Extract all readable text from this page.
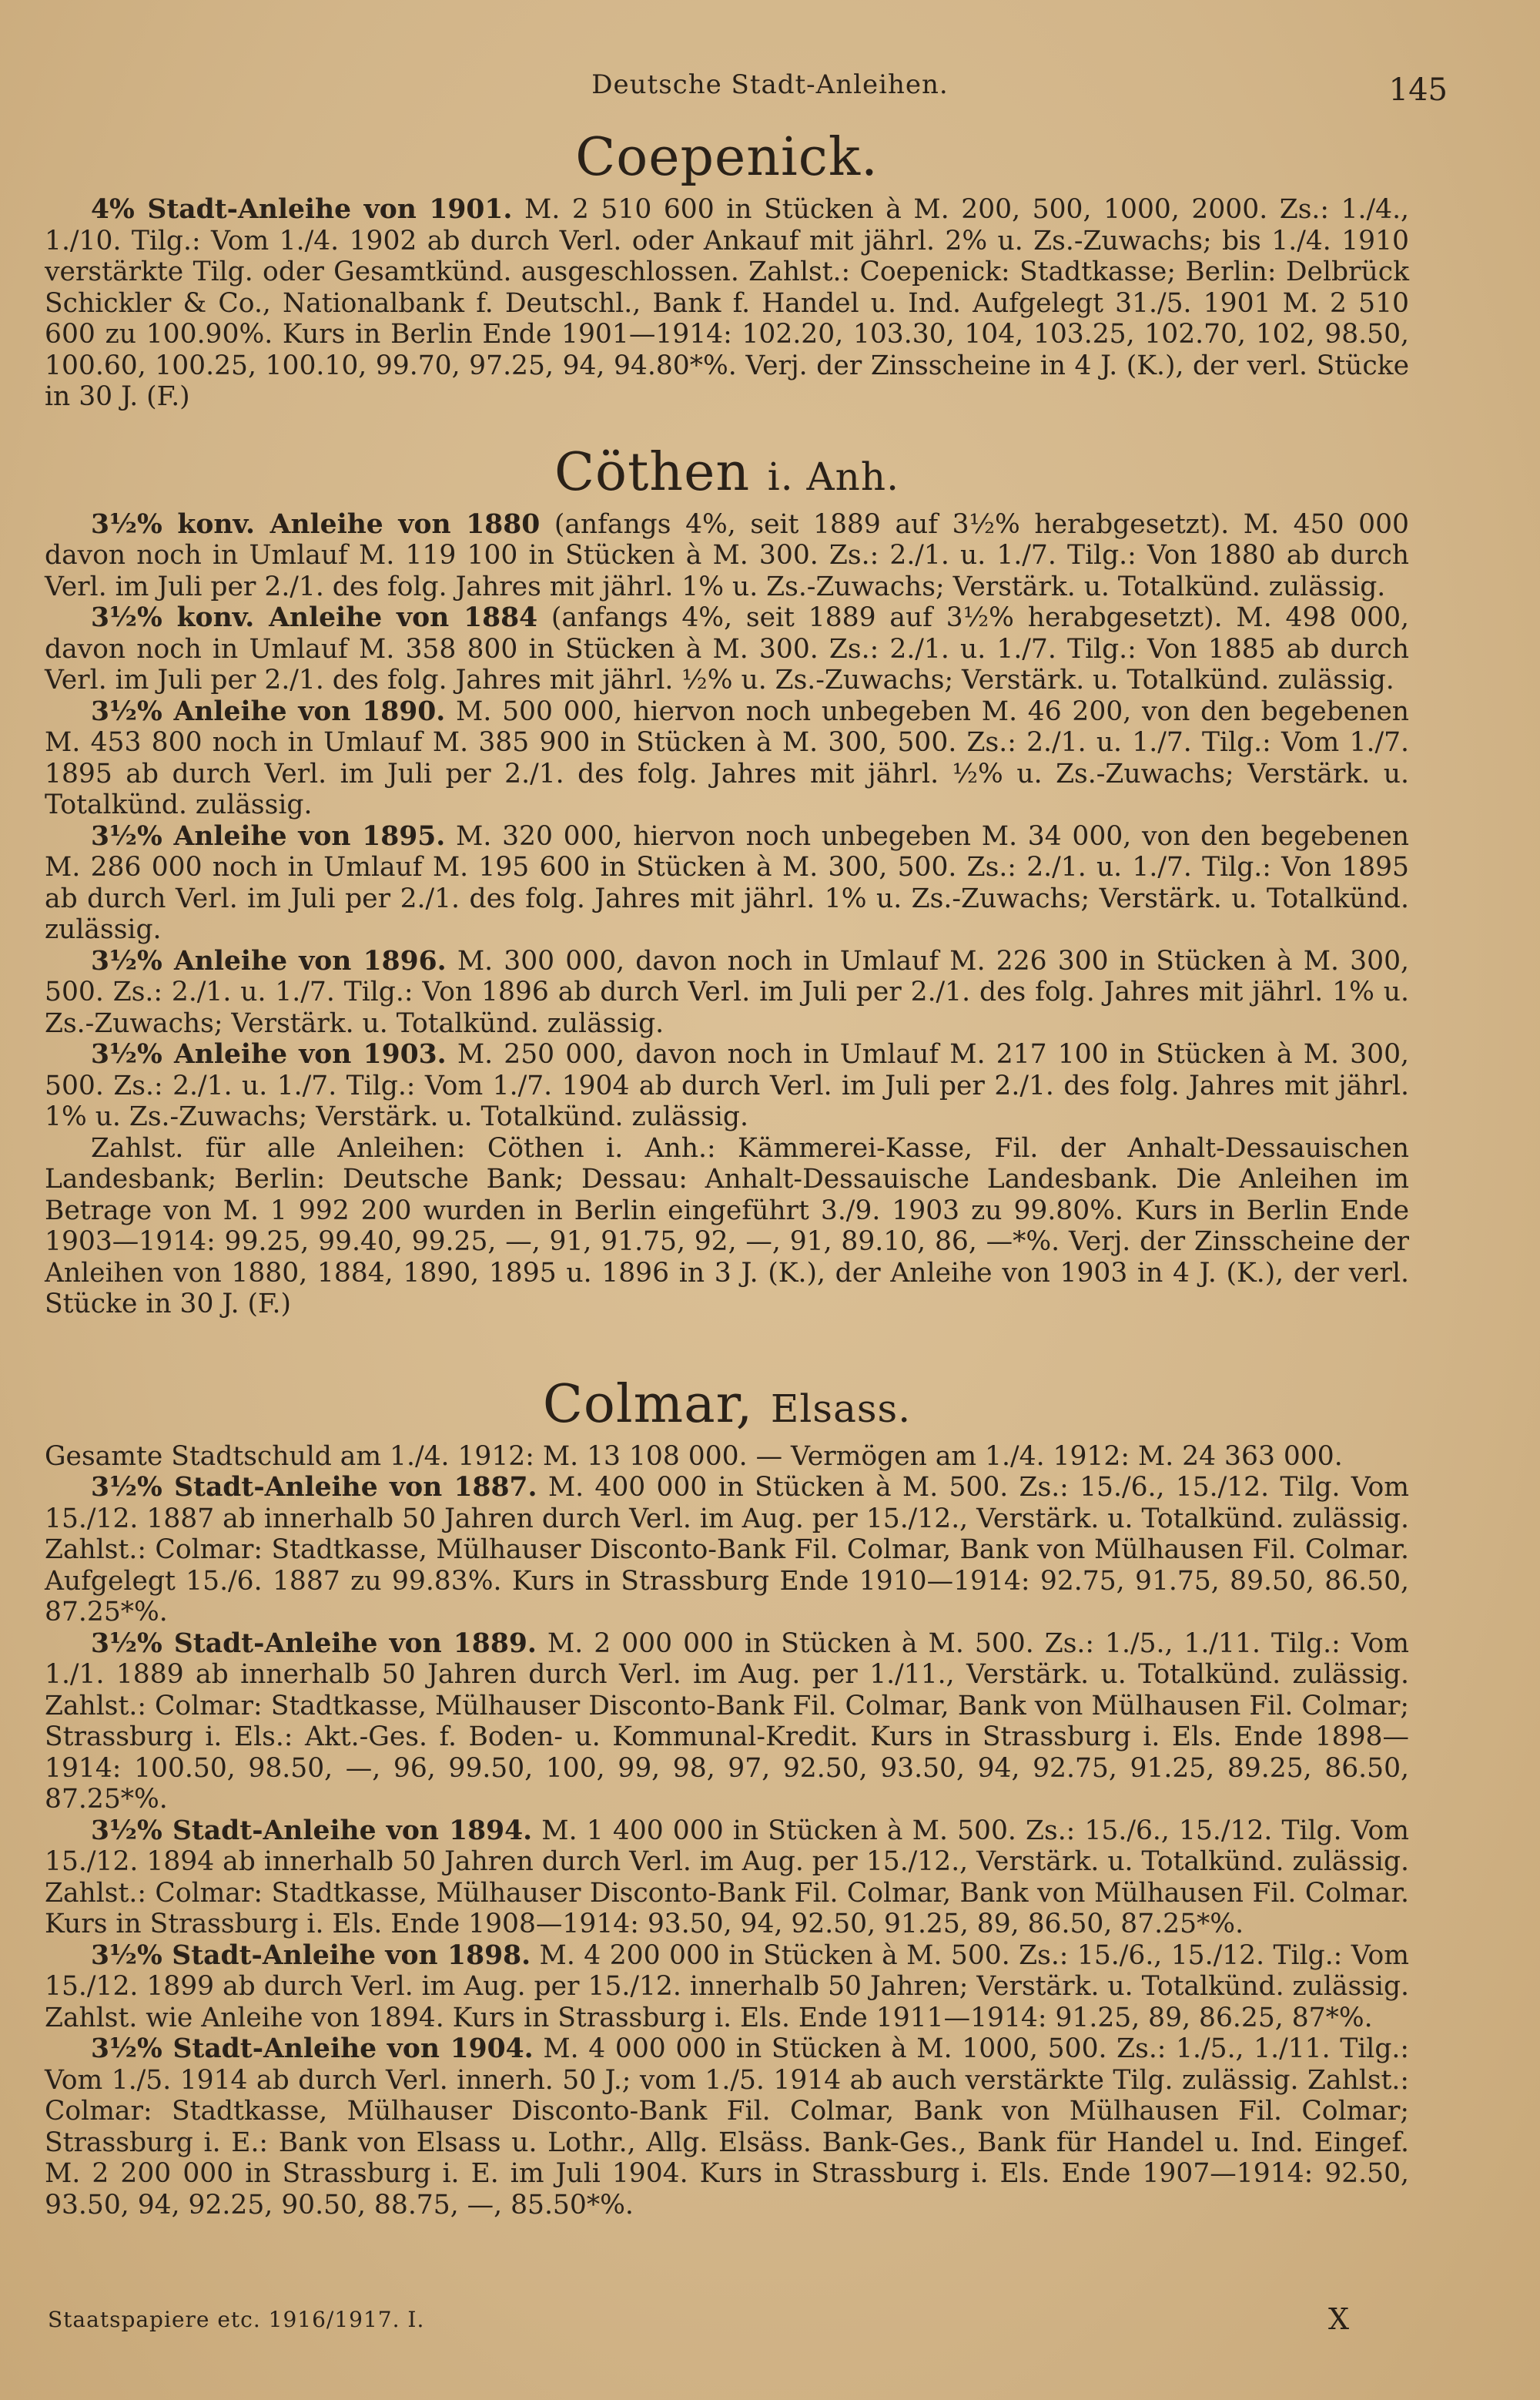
Deutsche Stadt-Anleihen.	145
Coepenick.

4% Stadt-Anleihe von 1901. M. 2 510 600 in Stücken à M. 200, 500, 1000, 2000. Zs.: 1./4., 1./10. Tilg.: Vom 1./4. 1902 ab durch Verl. oder Ankauf mit jährl. 2% u. Zs.-Zuwachs; bis 1./4. 1910 verstärkte Tilg. oder Gesamtkünd. ausgeschlossen. Zahlst.: Coepenick: Stadtkasse; Berlin: Delbrück Schickler & Co., Nationalbank f. Deutschl., Bank f. Handel u. Ind. Aufgelegt 31./5. 1901 M. 2 510 600 zu 100.90%. Kurs in Berlin Ende 1901—1914: 102.20, 103.30, 104, 103.25, 102.70, 102, 98.50, 100.60, 100.25, 100.10, 99.70, 97.25, 94, 94.80*%. Verj. der Zinsscheine in 4 J. (K.), der verl. Stücke in 30 J. (F.)

Cöthen i. Anh.

3½% konv. Anleihe von 1880 (anfangs 4%, seit 1889 auf 3½% herabgesetzt). M. 450 000 davon noch in Umlauf M. 119 100 in Stücken à M. 300. Zs.: 2./1. u. 1./7. Tilg.: Von 1880 ab durch Verl. im Juli per 2./1. des folg. Jahres mit jährl. 1% u. Zs.-Zuwachs; Verstärk. u. Totalkünd. zulässig.

3½% konv. Anleihe von 1884 (anfangs 4%, seit 1889 auf 3½% herabgesetzt). M. 498 000, davon noch in Umlauf M. 358 800 in Stücken à M. 300. Zs.: 2./1. u. 1./7. Tilg.: Von 1885 ab durch Verl. im Juli per 2./1. des folg. Jahres mit jährl. ½% u. Zs.-Zuwachs; Verstärk. u. Totalkünd. zulässig.

3½% Anleihe von 1890. M. 500 000, hiervon noch unbegeben M. 46 200, von den begebenen M. 453 800 noch in Umlauf M. 385 900 in Stücken à M. 300, 500. Zs.: 2./1. u. 1./7. Tilg.: Vom 1./7. 1895 ab durch Verl. im Juli per 2./1. des folg. Jahres mit jährl. ½% u. Zs.-Zuwachs; Verstärk. u. Totalkünd. zulässig.

3½% Anleihe von 1895. M. 320 000, hiervon noch unbegeben M. 34 000, von den begebenen M. 286 000 noch in Umlauf M. 195 600 in Stücken à M. 300, 500. Zs.: 2./1. u. 1./7. Tilg.: Von 1895 ab durch Verl. im Juli per 2./1. des folg. Jahres mit jährl. 1% u. Zs.-Zuwachs; Verstärk. u. Totalkünd. zulässig.

3½% Anleihe von 1896. M. 300 000, davon noch in Umlauf M. 226 300 in Stücken à M. 300, 500. Zs.: 2./1. u. 1./7. Tilg.: Von 1896 ab durch Verl. im Juli per 2./1. des folg. Jahres mit jährl. 1% u. Zs.-Zuwachs; Verstärk. u. Totalkünd. zulässig.

3½% Anleihe von 1903. M. 250 000, davon noch in Umlauf M. 217 100 in Stücken à M. 300, 500. Zs.: 2./1. u. 1./7. Tilg.: Vom 1./7. 1904 ab durch Verl. im Juli per 2./1. des folg. Jahres mit jährl. 1% u. Zs.-Zuwachs; Verstärk. u. Totalkünd. zulässig.

Zahlst. für alle Anleihen: Cöthen i. Anh.: Kämmerei-Kasse, Fil. der Anhalt-Dessauischen Landesbank; Berlin: Deutsche Bank; Dessau: Anhalt-Dessauische Landesbank. Die Anleihen im Betrage von M. 1 992 200 wurden in Berlin eingeführt 3./9. 1903 zu 99.80%. Kurs in Berlin Ende 1903—1914: 99.25, 99.40, 99.25, —, 91, 91.75, 92, —, 91, 89.10, 86, —*%. Verj. der Zinsscheine der Anleihen von 1880, 1884, 1890, 1895 u. 1896 in 3 J. (K.), der Anleihe von 1903 in 4 J. (K.), der verl. Stücke in 30 J. (F.)

Colmar, Elsass.

Gesamte Stadtschuld am 1./4. 1912: M. 13 108 000. — Vermögen am 1./4. 1912: M. 24 363 000.

3½% Stadt-Anleihe von 1887. M. 400 000 in Stücken à M. 500. Zs.: 15./6., 15./12. Tilg. Vom 15./12. 1887 ab innerhalb 50 Jahren durch Verl. im Aug. per 15./12., Verstärk. u. Totalkünd. zulässig. Zahlst.: Colmar: Stadtkasse, Mülhauser Disconto-Bank Fil. Colmar, Bank von Mülhausen Fil. Colmar. Aufgelegt 15./6. 1887 zu 99.83%. Kurs in Strassburg Ende 1910—1914: 92.75, 91.75, 89.50, 86.50, 87.25*%.

3½% Stadt-Anleihe von 1889. M. 2 000 000 in Stücken à M. 500. Zs.: 1./5., 1./11. Tilg.: Vom 1./1. 1889 ab innerhalb 50 Jahren durch Verl. im Aug. per 1./11., Verstärk. u. Totalkünd. zulässig. Zahlst.: Colmar: Stadtkasse, Mülhauser Disconto-Bank Fil. Colmar, Bank von Mülhausen Fil. Colmar; Strassburg i. Els.: Akt.-Ges. f. Boden- u. Kommunal-Kredit. Kurs in Strassburg i. Els. Ende 1898—1914: 100.50, 98.50, —, 96, 99.50, 100, 99, 98, 97, 92.50, 93.50, 94, 92.75, 91.25, 89.25, 86.50, 87.25*%.

3½% Stadt-Anleihe von 1894. M. 1 400 000 in Stücken à M. 500. Zs.: 15./6., 15./12. Tilg. Vom 15./12. 1894 ab innerhalb 50 Jahren durch Verl. im Aug. per 15./12., Verstärk. u. Totalkünd. zulässig. Zahlst.: Colmar: Stadtkasse, Mülhauser Disconto-Bank Fil. Colmar, Bank von Mülhausen Fil. Colmar. Kurs in Strassburg i. Els. Ende 1908—1914: 93.50, 94, 92.50, 91.25, 89, 86.50, 87.25*%.

3½% Stadt-Anleihe von 1898. M. 4 200 000 in Stücken à M. 500. Zs.: 15./6., 15./12. Tilg.: Vom 15./12. 1899 ab durch Verl. im Aug. per 15./12. innerhalb 50 Jahren; Verstärk. u. Totalkünd. zulässig. Zahlst. wie Anleihe von 1894. Kurs in Strassburg i. Els. Ende 1911—1914: 91.25, 89, 86.25, 87*%.

3½% Stadt-Anleihe von 1904. M. 4 000 000 in Stücken à M. 1000, 500. Zs.: 1./5., 1./11. Tilg.: Vom 1./5. 1914 ab durch Verl. innerh. 50 J.; vom 1./5. 1914 ab auch verstärkte Tilg. zulässig. Zahlst.: Colmar: Stadtkasse, Mülhauser Disconto-Bank Fil. Colmar, Bank von Mülhausen Fil. Colmar; Strassburg i. E.: Bank von Elsass u. Lothr., Allg. Elsäss. Bank-Ges., Bank für Handel u. Ind. Eingef. M. 2 200 000 in Strassburg i. E. im Juli 1904. Kurs in Strassburg i. Els. Ende 1907—1914: 92.50, 93.50, 94, 92.25, 90.50, 88.75, —, 85.50*%.

Staatspapiere etc. 1916/1917. I.	X
